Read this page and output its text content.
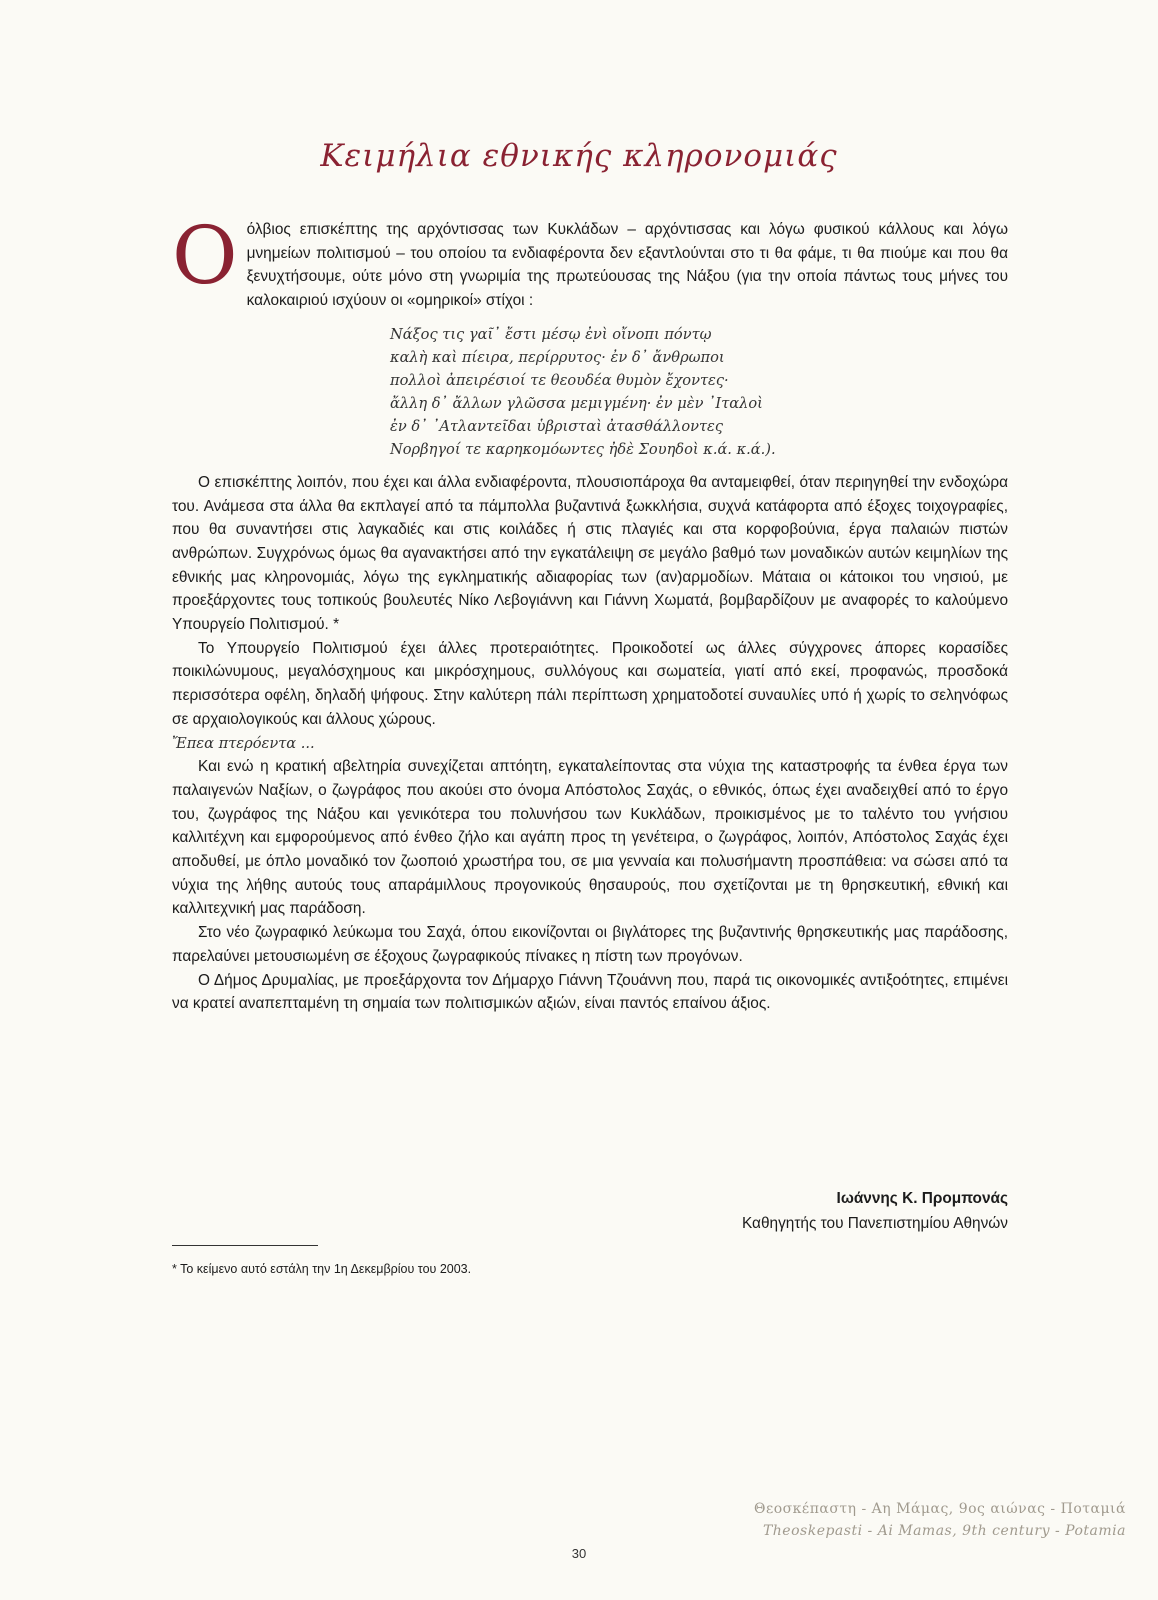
Κειμήλια εθνικής κληρονομιάς

Οόλβιος επισκέπτης της αρχόντισσας των Κυκλάδων – αρχόντισσας και λόγω φυσικού κάλλους και λόγω μνημείων πολιτισμού – του οποίου τα ενδιαφέροντα δεν εξαντλούνται στο τι θα φάμε, τι θα πιούμε και που θα ξενυχτήσουμε, ούτε μόνο στη γνωριμία της πρωτεύουσας της Νάξου (για την οποία πάντως τους μήνες του καλοκαιριού ισχύουν οι «ομηρικοί» στίχοι :

Νάξος τις γαῖ᾽ ἔστι μέσῳ ἐνὶ οἴνοπι πόντῳ
καλὴ καὶ πίειρα, περίρρυτος· ἐν δ᾽ ἄνθρωποι
πολλοὶ ἀπειρέσιοί τε θεουδέα θυμὸν ἔχοντες·
ἄλλη δ᾽ ἄλλων γλῶσσα μεμιγμένη· ἐν μὲν ᾽Ιταλοὶ
ἐν δ᾽ ᾽Ατλαντεῖδαι ὑβρισταὶ ἀτασθάλλοντες
Νορβηγοί τε καρηκομόωντες ἠδὲ Σουηδοὶ κ.ά. κ.ά.).

Ο επισκέπτης λοιπόν, που έχει και άλλα ενδιαφέροντα, πλουσιοπάροχα θα ανταμειφθεί, όταν περιηγηθεί την ενδοχώρα του. Ανάμεσα στα άλλα θα εκπλαγεί από τα πάμπολλα βυζαντινά ξωκκλήσια, συχνά κατάφορτα από έξοχες τοιχογραφίες, που θα συναντήσει στις λαγκαδιές και στις κοιλάδες ή στις πλαγιές και στα κορφοβούνια, έργα παλαιών πιστών ανθρώπων. Συγχρόνως όμως θα αγανακτήσει από την εγκατάλειψη σε μεγάλο βαθμό των μοναδικών αυτών κειμηλίων της εθνικής μας κληρονομιάς, λόγω της εγκληματικής αδιαφορίας των (αν)αρμοδίων. Μάταια οι κάτοικοι του νησιού, με προεξάρχοντες τους τοπικούς βουλευτές Νίκο Λεβογιάννη και Γιάννη Χωματά, βομβαρδίζουν με αναφορές το καλούμενο Υπουργείο Πολιτισμού. *

Το Υπουργείο Πολιτισμού έχει άλλες προτεραιότητες. Προικοδοτεί ως άλλες σύγχρονες άπορες κορασίδες ποικιλώνυμους, μεγαλόσχημους και μικρόσχημους, συλλόγους και σωματεία, γιατί από εκεί, προφανώς, προσδοκά περισσότερα οφέλη, δηλαδή ψήφους. Στην καλύτερη πάλι περίπτωση χρηματοδοτεί συναυλίες υπό ή χωρίς το σεληνόφως σε αρχαιολογικούς και άλλους χώρους.

Ἔπεα πτερόεντα ...

Και ενώ η κρατική αβελτηρία συνεχίζεται απτόητη, εγκαταλείποντας στα νύχια της καταστροφής τα ένθεα έργα των παλαιγενών Ναξίων, ο ζωγράφος που ακούει στο όνομα Απόστολος Σαχάς, ο εθνικός, όπως έχει αναδειχθεί από το έργο του, ζωγράφος της Νάξου και γενικότερα του πολυνήσου των Κυκλάδων, προικισμένος με το ταλέντο του γνήσιου καλλιτέχνη και εμφορούμενος από ένθεο ζήλο και αγάπη προς τη γενέτειρα, ο ζωγράφος, λοιπόν, Απόστολος Σαχάς έχει αποδυθεί, με όπλο μοναδικό τον ζωοποιό χρωστήρα του, σε μια γενναία και πολυσήμαντη προσπάθεια: να σώσει από τα νύχια της λήθης αυτούς τους απαράμιλλους προγονικούς θησαυρούς, που σχετίζονται με τη θρησκευτική, εθνική και καλλιτεχνική μας παράδοση.

Στο νέο ζωγραφικό λεύκωμα του Σαχά, όπου εικονίζονται οι βιγλάτορες της βυζαντινής θρησκευτικής μας παράδοσης, παρελαύνει μετουσιωμένη σε έξοχους ζωγραφικούς πίνακες η πίστη των προγόνων.

Ο Δήμος Δρυμαλίας, με προεξάρχοντα τον Δήμαρχο Γιάννη Τζουάννη που, παρά τις οικονομικές αντιξοότητες, επιμένει να κρατεί αναπεπταμένη τη σημαία των πολιτισμικών αξιών, είναι παντός επαίνου άξιος.

Ιωάννης Κ. Προμπονάς
Καθηγητής του Πανεπιστημίου Αθηνών
* Το κείμενο αυτό εστάλη την 1η Δεκεμβρίου του 2003.
Θεοσκέπαστη - Αη Μάμας, 9ος αιώνας - Ποταμιά
Theoskepasti - Ai Mamas, 9th century - Potamia
30
